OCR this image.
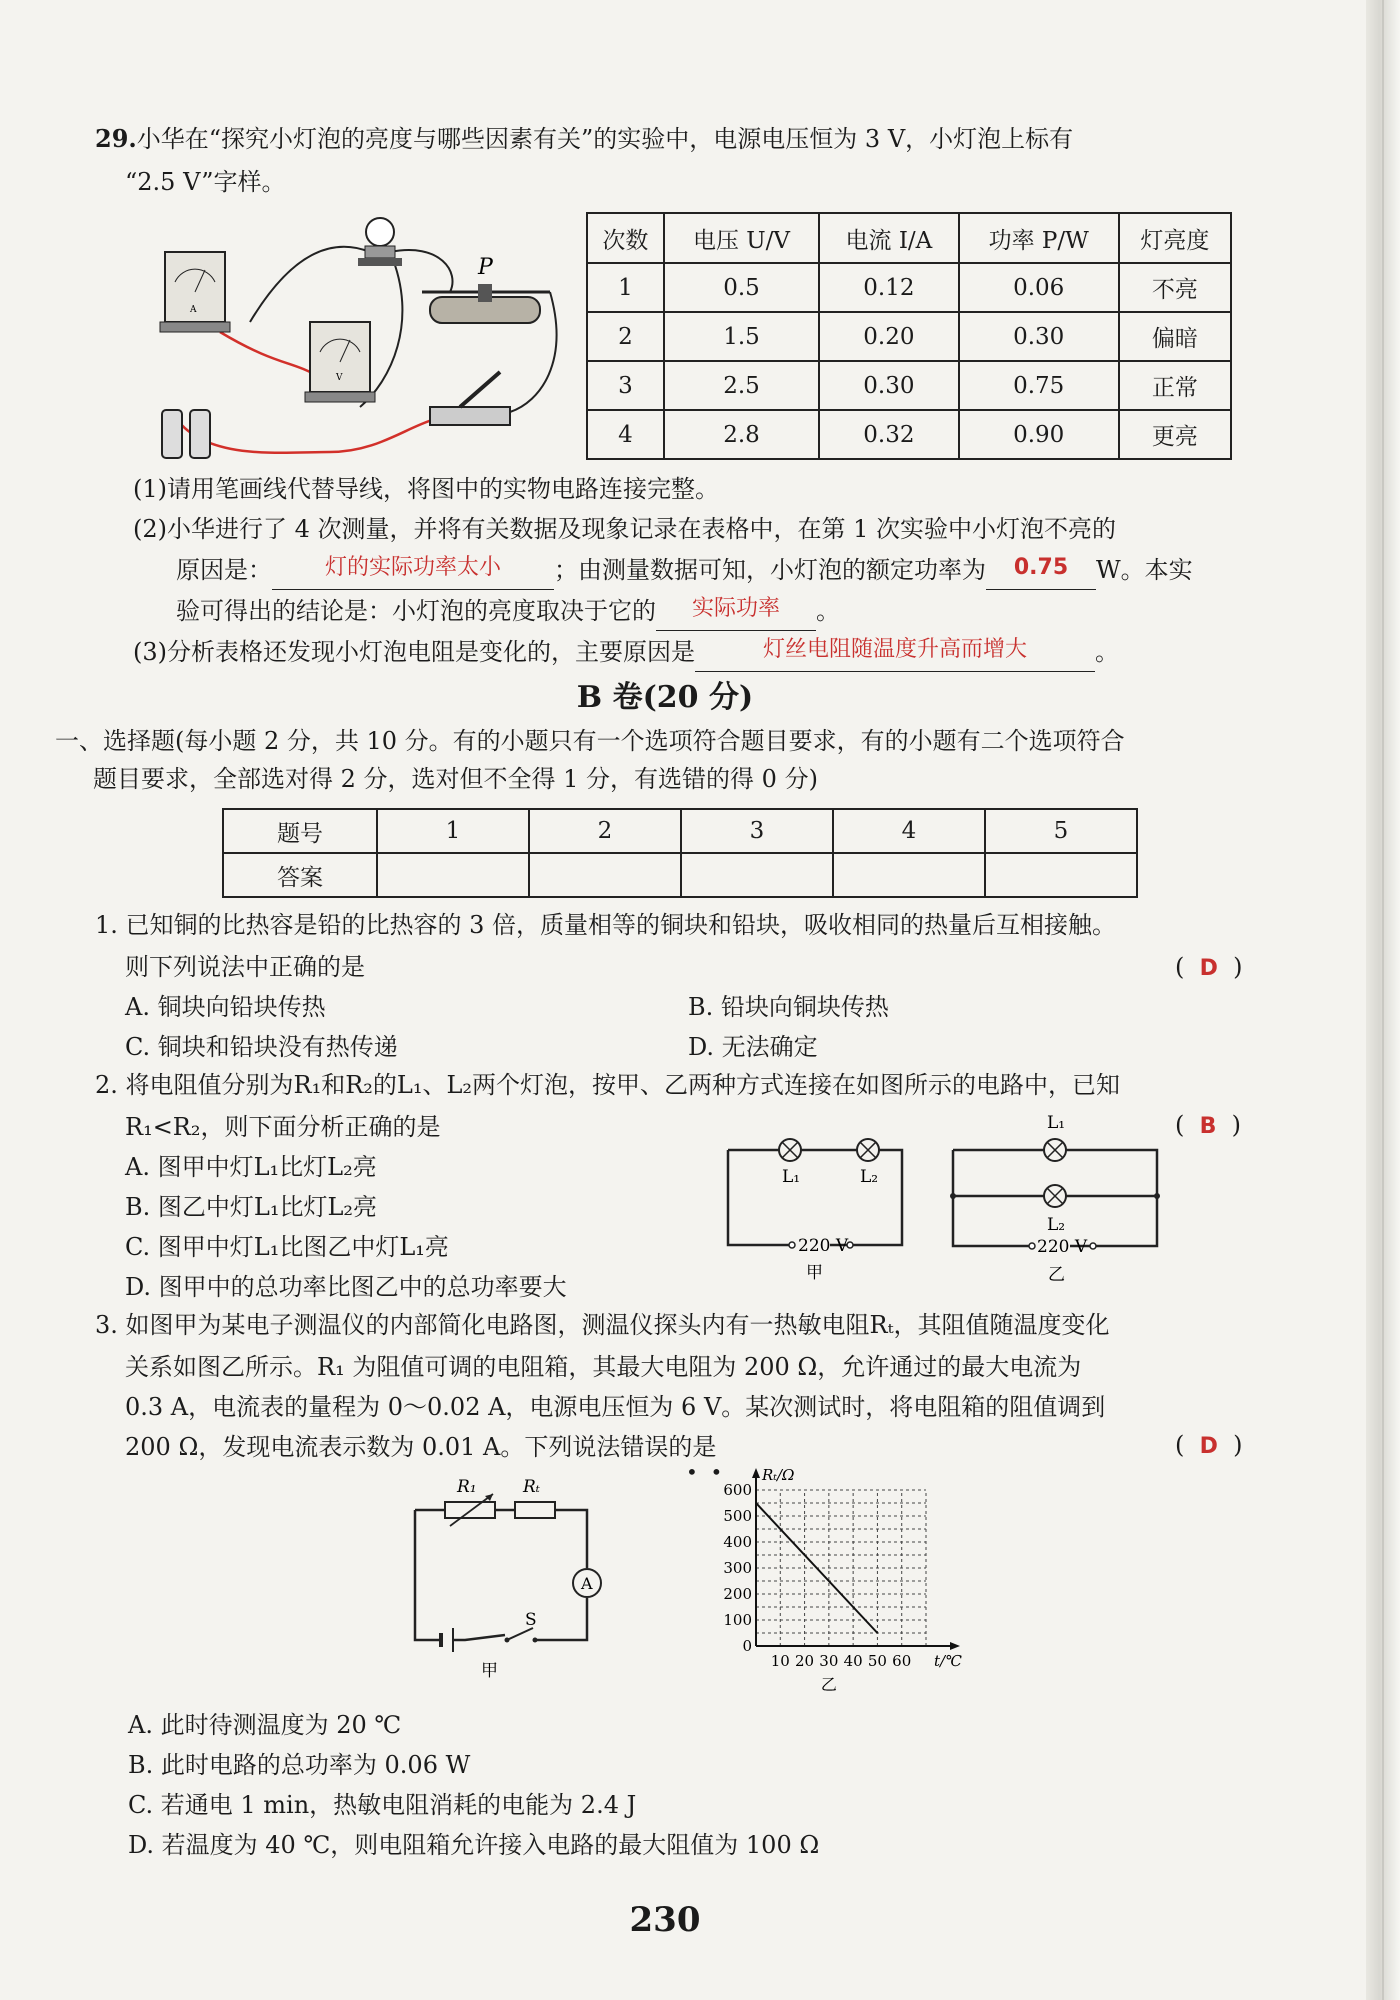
29.小华在“探究小灯泡的亮度与哪些因素有关”的实验中，电源电压恒为 3 V，小灯泡上标有
“2.5 V”字样。
A
V
P
次数	电压 U/V	电流 I/A	功率 P/W	灯亮度
1	0.5	0.12	0.06	不亮
2	1.5	0.20	0.30	偏暗
3	2.5	0.30	0.75	正常
4	2.8	0.32	0.90	更亮
(1)请用笔画线代替导线，将图中的实物电路连接完整。
(2)小华进行了 4 次测量，并将有关数据及现象记录在表格中，在第 1 次实验中小灯泡不亮的
原因是： 灯的实际功率太小 ；由测量数据可知，小灯泡的额定功率为 0.75 W。本实
验可得出的结论是：小灯泡的亮度取决于它的 实际功率 。
(3)分析表格还发现小灯泡电阻是变化的，主要原因是	灯丝电阻随温度升高而增大	。
B 卷(20 分)
一、选择题(每小题 2 分，共 10 分。有的小题只有一个选项符合题目要求，有的小题有二个选项符合
题目要求，全部选对得 2 分，选对但不全得 1 分，有选错的得 0 分)
题号	1	2	3	4	5
答案					
1. 已知铜的比热容是铅的比热容的 3 倍，质量相等的铜块和铅块，吸收相同的热量后互相接触。
则下列说法中正确的是	(  D  )
A. 铜块向铅块传热	B. 铅块向铜块传热
C. 铜块和铅块没有热传递	D. 无法确定
2. 将电阻值分别为R₁和R₂的L₁、L₂两个灯泡，按甲、乙两种方式连接在如图所示的电路中，已知
R₁<R₂，则下面分析正确的是	(  B  )
A. 图甲中灯L₁比灯L₂亮
B. 图乙中灯L₁比灯L₂亮
C. 图甲中灯L₁比图乙中灯L₁亮
D. 图甲中的总功率比图乙中的总功率要大
L₁	L₂
220 V
甲
L₁
L₂
220 V
乙
3. 如图甲为某电子测温仪的内部简化电路图，测温仪探头内有一热敏电阻Rₜ，其阻值随温度变化
关系如图乙所示。R₁ 为阻值可调的电阻箱，其最大电阻为 200 Ω，允许通过的最大电流为
0.3 A，电流表的量程为 0～0.02 A，电源电压恒为 6 V。某次测试时，将电阻箱的阻值调到
200 Ω，发现电流表示数为 0.01 A。下列说法错误的是	(  D  )
•  •
A
R₁	Rₜ
S
甲
0
100
200
300
400
500
600
10 20 30 40 50 60 t/℃
Rₜ/Ω
乙
A. 此时待测温度为 20 ℃
B. 此时电路的总功率为 0.06 W
C. 若通电 1 min，热敏电阻消耗的电能为 2.4 J
D. 若温度为 40 ℃，则电阻箱允许接入电路的最大阻值为 100 Ω
230
